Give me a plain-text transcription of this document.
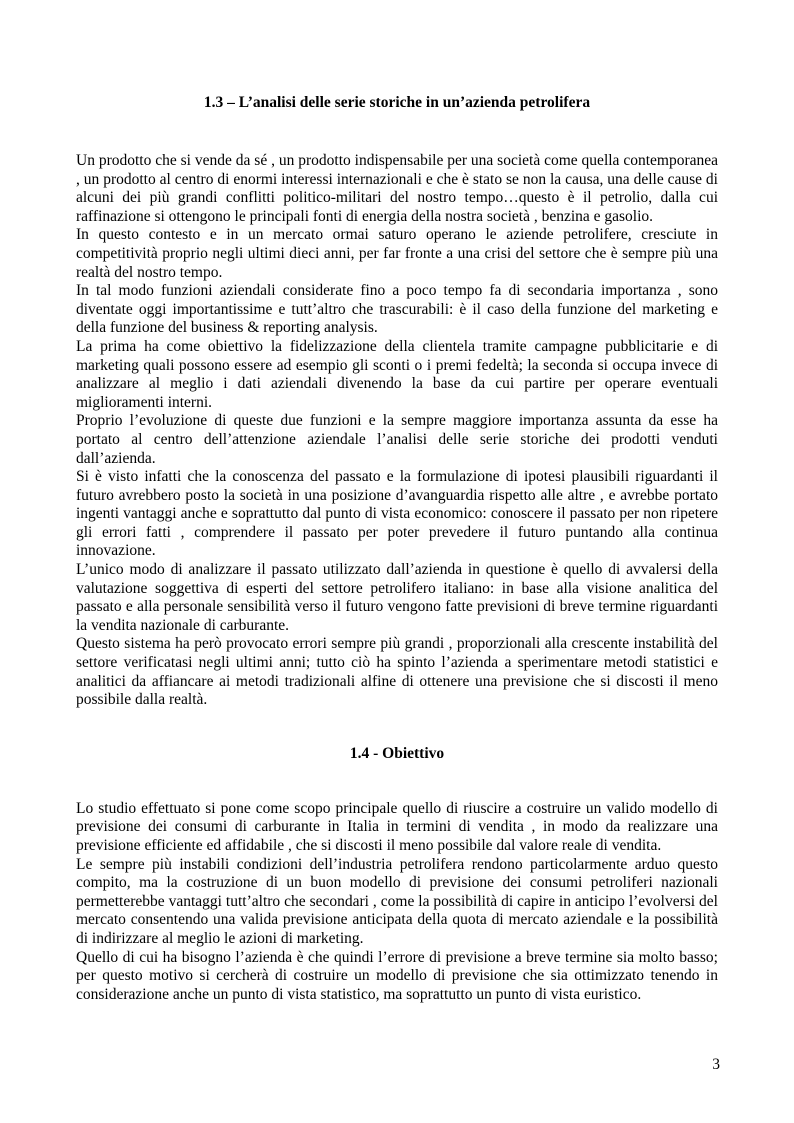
1.3 – L’analisi delle serie storiche in un’azienda petrolifera

Un prodotto che si vende da sé , un prodotto indispensabile per una società come quella contemporanea , un prodotto al centro di enormi interessi internazionali e che è stato se non la causa, una delle cause di alcuni dei più grandi conflitti politico-militari del nostro tempo…questo è il petrolio, dalla cui raffinazione si ottengono le principali fonti di energia della nostra società , benzina e gasolio.

In questo contesto e in un mercato ormai saturo operano le aziende petrolifere, cresciute in competitività proprio negli ultimi dieci anni, per far fronte a una crisi del settore che è sempre più una realtà del nostro tempo.

In tal modo funzioni aziendali considerate fino a poco tempo fa di secondaria importanza , sono diventate oggi importantissime e tutt’altro che trascurabili: è il caso della funzione del marketing e della funzione del business & reporting analysis.

La prima ha come obiettivo la fidelizzazione della clientela tramite campagne pubblicitarie e di marketing quali possono essere ad esempio gli sconti o i premi fedeltà; la seconda si occupa invece di analizzare al meglio i dati aziendali divenendo la base da cui partire per operare eventuali miglioramenti interni.

Proprio l’evoluzione di queste due funzioni e la sempre maggiore importanza assunta da esse ha portato al centro dell’attenzione aziendale l’analisi delle serie storiche dei prodotti venduti dall’azienda.

Si è visto infatti che la conoscenza del passato e la formulazione di ipotesi plausibili riguardanti il futuro avrebbero posto la società in una posizione d’avanguardia rispetto alle altre , e avrebbe portato ingenti vantaggi anche e soprattutto dal punto di vista economico: conoscere il passato per non ripetere gli errori fatti , comprendere il passato per poter prevedere il futuro puntando alla continua innovazione.

L’unico modo di analizzare il passato utilizzato dall’azienda in questione è quello di avvalersi della valutazione soggettiva di esperti del settore petrolifero italiano: in base alla visione analitica del passato e alla personale sensibilità verso il futuro vengono fatte previsioni di breve termine riguardanti la vendita nazionale di carburante.

Questo sistema ha però provocato errori sempre più grandi , proporzionali alla crescente instabilità del settore verificatasi negli ultimi anni; tutto ciò ha spinto l’azienda a sperimentare metodi statistici e analitici da affiancare ai metodi tradizionali alfine di ottenere una previsione che si discosti il meno possibile dalla realtà.

1.4 - Obiettivo

Lo studio effettuato si pone come scopo principale quello di riuscire a costruire un valido modello di previsione dei consumi di carburante in Italia in termini di vendita , in modo da realizzare una previsione efficiente ed affidabile , che si discosti il meno possibile dal valore reale di vendita.

Le sempre più instabili condizioni dell’industria petrolifera rendono particolarmente arduo questo compito, ma la costruzione di un buon modello di previsione dei consumi petroliferi nazionali permetterebbe vantaggi tutt’altro che secondari , come la possibilità di capire in anticipo l’evolversi del mercato consentendo una valida previsione anticipata della quota di mercato aziendale e la possibilità di indirizzare al meglio le azioni di marketing.

Quello di cui ha bisogno l’azienda è che quindi l’errore di previsione a breve termine sia molto basso; per questo motivo si cercherà di costruire un modello di previsione che sia ottimizzato tenendo in considerazione anche un punto di vista statistico, ma soprattutto un punto di vista euristico.

3
